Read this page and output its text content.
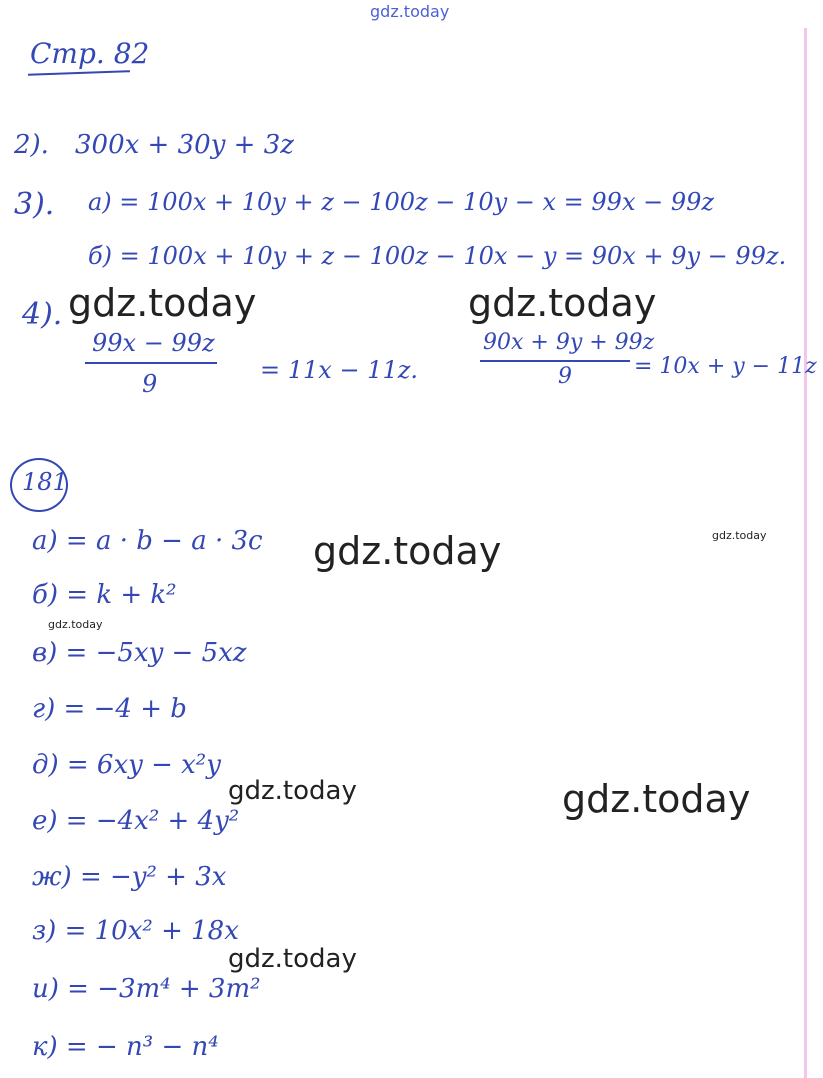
gdz.today
Стр. 82
2). 300x + 30y + 3z
3). а) = 100x + 10y + z − 100z − 10y − x = 99x − 99z
б) = 100x + 10y + z − 100z − 10x − y = 90x + 9y − 99z.
4).
99x − 99z
9	= 11x − 11z.
90x + 9y + 99z
9	= 10x + y − 11z
181
а) = a · b − a · 3c
б) = k + k²
в) = −5xy − 5xz
г) = −4 + b
д) = 6xy − x²y
е) = −4x² + 4y²
ж) = −y² + 3x
з) = 10x² + 18x
и) = −3m⁴ + 3m²
к) = − n³ − n⁴
gdz.today	gdz.today
gdz.today	gdz.today
gdz.today
gdz.today	gdz.today
gdz.today
